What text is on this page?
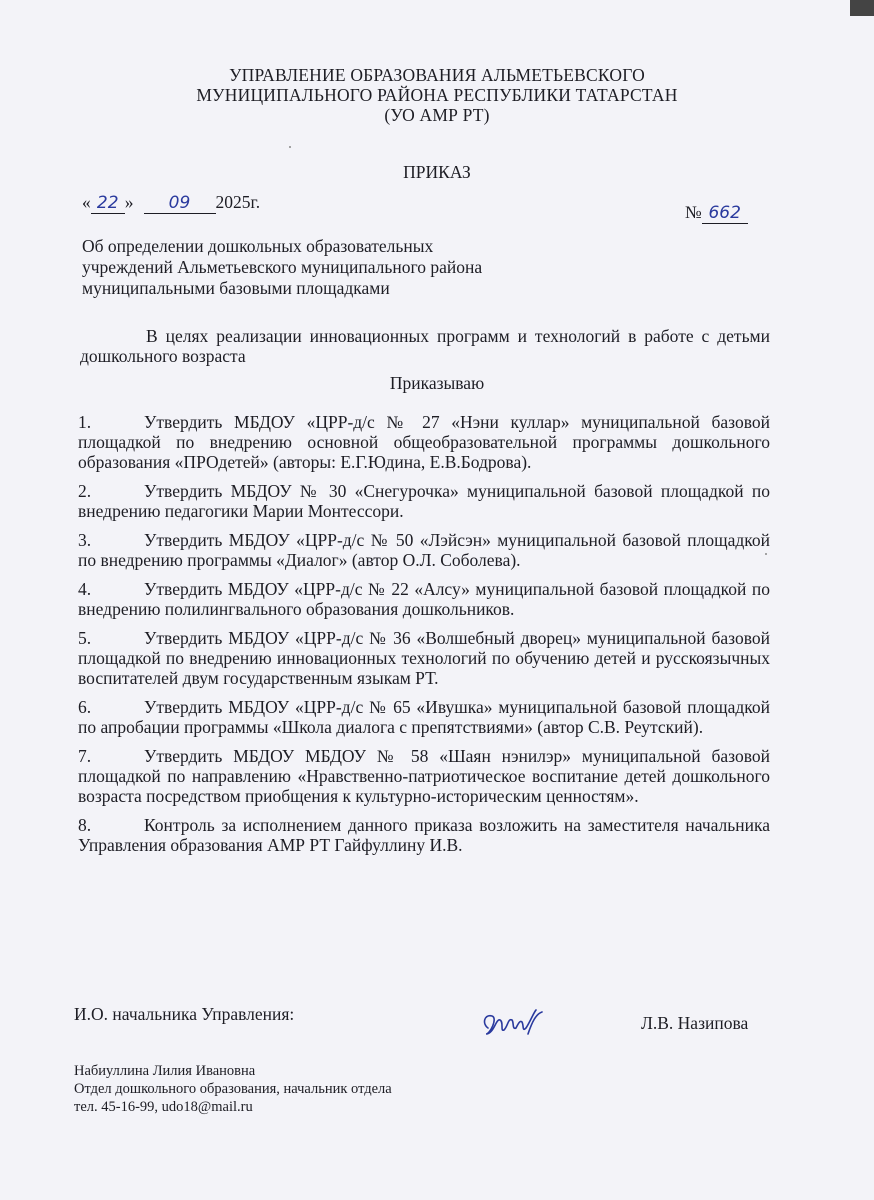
УПРАВЛЕНИЕ ОБРАЗОВАНИЯ АЛЬМЕТЬЕВСКОГО
МУНИЦИПАЛЬНОГО РАЙОНА РЕСПУБЛИКИ ТАТАРСТАН
(УО АМР РТ)
ПРИКАЗ
« 22 » 09 2025г.	№ 662
Об определении дошкольных образовательных
учреждений Альметьевского муниципального района
муниципальными базовыми площадками
В целях реализации инновационных программ и технологий в работе с детьми дошкольного возраста
Приказываю
1.	Утвердить МБДОУ «ЦРР-д/с № 27 «Нэни куллар» муниципальной базовой площадкой по внедрению основной общеобразовательной программы дошкольного образования «ПРОдетей» (авторы: Е.Г.Юдина, Е.В.Бодрова).
2.	Утвердить МБДОУ № 30 «Снегурочка» муниципальной базовой площадкой по внедрению педагогики Марии Монтессори.
3.	Утвердить МБДОУ «ЦРР-д/с № 50 «Лэйсэн» муниципальной базовой площадкой по внедрению программы «Диалог» (автор О.Л. Соболева).
4.	Утвердить МБДОУ «ЦРР-д/с № 22 «Алсу» муниципальной базовой площадкой по внедрению полилингвального образования дошкольников.
5.	Утвердить МБДОУ «ЦРР-д/с № 36 «Волшебный дворец» муниципальной базовой площадкой по внедрению инновационных технологий по обучению детей и русскоязычных воспитателей двум государственным языкам РТ.
6.	Утвердить МБДОУ «ЦРР-д/с № 65 «Ивушка» муниципальной базовой площадкой по апробации программы «Школа диалога с препятствиями» (автор С.В. Реутский).
7.	Утвердить МБДОУ МБДОУ № 58 «Шаян нэнилэр» муниципальной базовой площадкой по направлению «Нравственно-патриотическое воспитание детей дошкольного возраста посредством приобщения к культурно-историческим ценностям».
8.	Контроль за исполнением данного приказа возложить на заместителя начальника Управления образования АМР РТ Гайфуллину И.В.
И.О. начальника Управления:	Л.В. Назипова
Набиуллина Лилия Ивановна
Отдел дошкольного образования, начальник отдела
тел. 45-16-99, udo18@mail.ru
